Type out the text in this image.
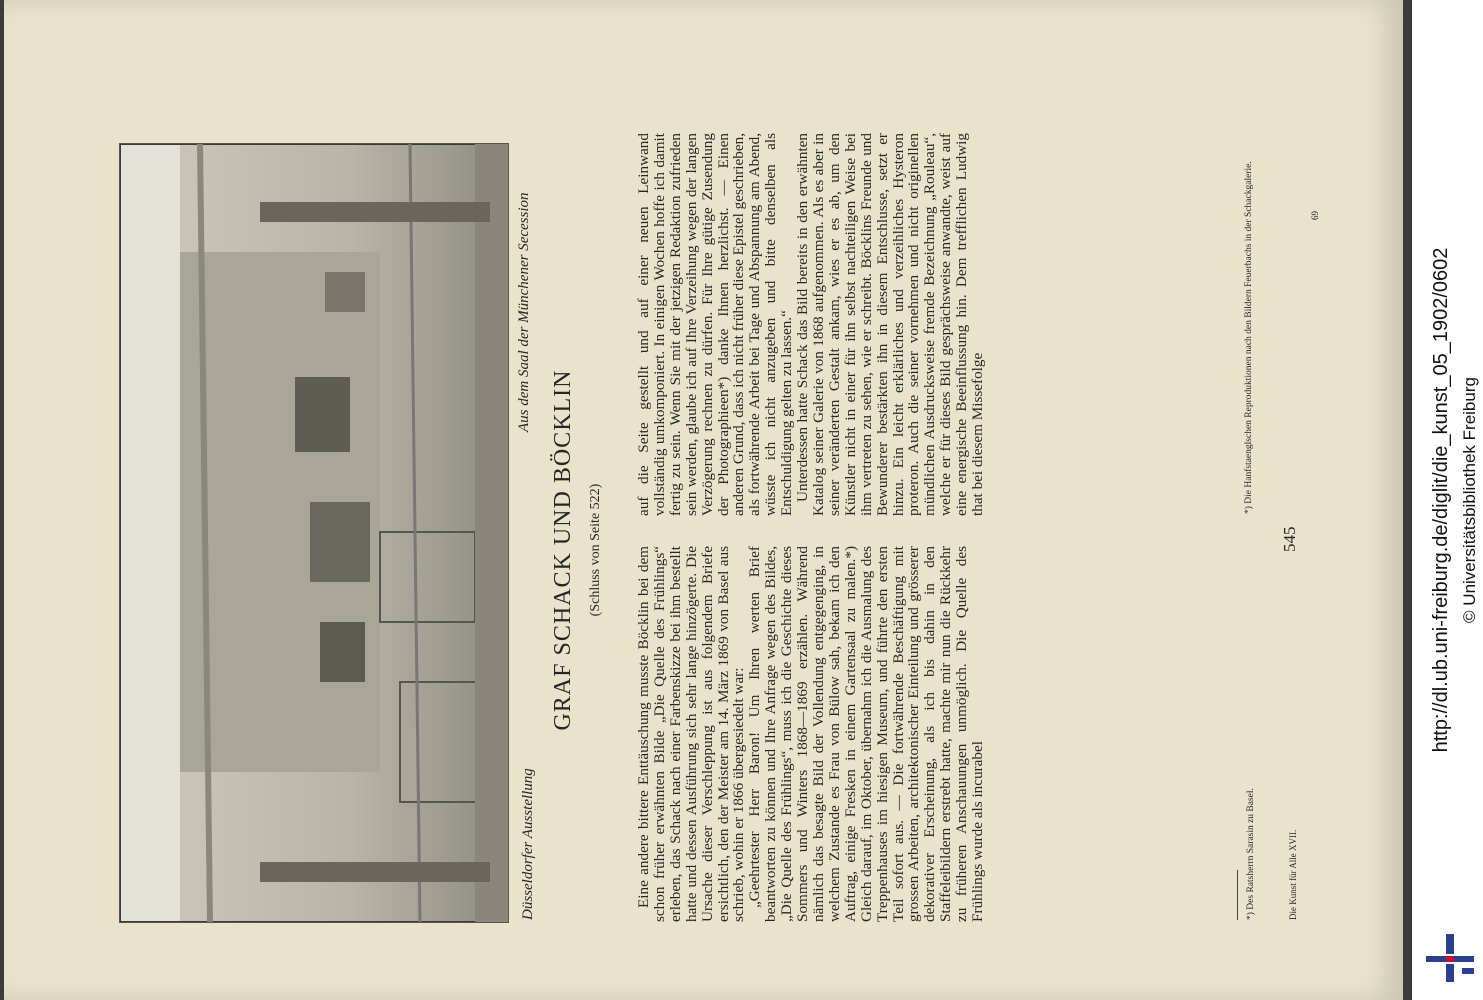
Düsseldorfer Ausstellung
Aus dem Saal der Münchener Secession
GRAF SCHACK UND BÖCKLIN (Schluss von Seite 522) Eine andere bittere Enttäuschung musste Böcklin bei dem schon früher erwähnten Bilde „Die Quelle des Frühlings“ erleben, das Schack nach einer Farbenskizze bei ihm bestellt hatte und dessen Ausführung sich sehr lange hinzögerte. Die Ursache dieser Verschleppung ist aus folgendem Briefe ersichtlich, den der Meister am 14. März 1869 von Basel aus schrieb, wohin er 1866 übergesiedelt war:

„Geehrtester Herr Baron! Um Ihren werten Brief beantworten zu können und Ihre Anfrage wegen des Bildes, „Die Quelle des Frühlings“, muss ich die Geschichte dieses Sommers und Winters 1868—1869 erzählen. Während nämlich das besagte Bild der Vollendung entgegenging, in welchem Zustande es Frau von Bülow sah, bekam ich den Auftrag, einige Fresken in einem Gartensaal zu malen.*) Gleich darauf, im Oktober, übernahm ich die Ausmalung des Treppenhauses im hiesigen Museum, und führte den ersten Teil sofort aus. — Die fortwährende Beschäftigung mit grossen Arbeiten, architektonischer Einteilung und grösserer dekorativer Erscheinung, als ich bis dahin in den Staffeleibildern erstrebt hatte, machte mir nun die Rückkehr zu früheren Anschauungen unmöglich. Die Quelle des Frühlings wurde als incurabel

auf die Seite gestellt und auf einer neuen Leinwand vollständig umkomponiert. In einigen Wochen hoffe ich damit fertig zu sein. Wenn Sie mit der jetzigen Redaktion zufrieden sein werden, glaube ich auf Ihre Verzeihung wegen der langen Verzögerung rechnen zu dürfen. Für Ihre gütige Zusendung der Photographieen*) danke Ihnen herzlichst. — Einen anderen Grund, dass ich nicht früher diese Epistel geschrieben, als fortwährende Arbeit bei Tage und Abspannung am Abend, wüsste ich nicht anzugeben und bitte denselben als Entschuldigung gelten zu lassen.“

Unterdessen hatte Schack das Bild bereits in den erwähnten Katalog seiner Galerie von 1868 aufgenommen. Als es aber in seiner veränderten Gestalt ankam, wies er es ab, um den Künstler nicht in einer für ihn selbst nachteiligen Weise bei ihm vertreten zu sehen, wie er schreibt. Böcklins Freunde und Bewunderer bestärkten ihn in diesem Entschlusse, setzt er hinzu. Ein leicht erklärliches und verzeihliches Hysteron proteron. Auch die seiner vornehmen und nicht originellen mündlichen Ausdrucksweise fremde Bezeichnung „Rouleau“, welche er für dieses Bild gesprächsweise anwandte, weist auf eine energische Beeinflussung hin. Dem trefflichen Ludwig that bei diesem Missefolge

*) Des Ratsherrn Sarasin zu Basel.
*) Die Hanfstaenglschen Reproduktionen nach den Bildern Feuerbachs in der Schackgalerie.
Die Kunst für Alle XVII.
545
69
http://dl.ub.uni-freiburg.de/diglit/die_kunst_05_1902/0602 © Universitätsbibliothek Freiburg
